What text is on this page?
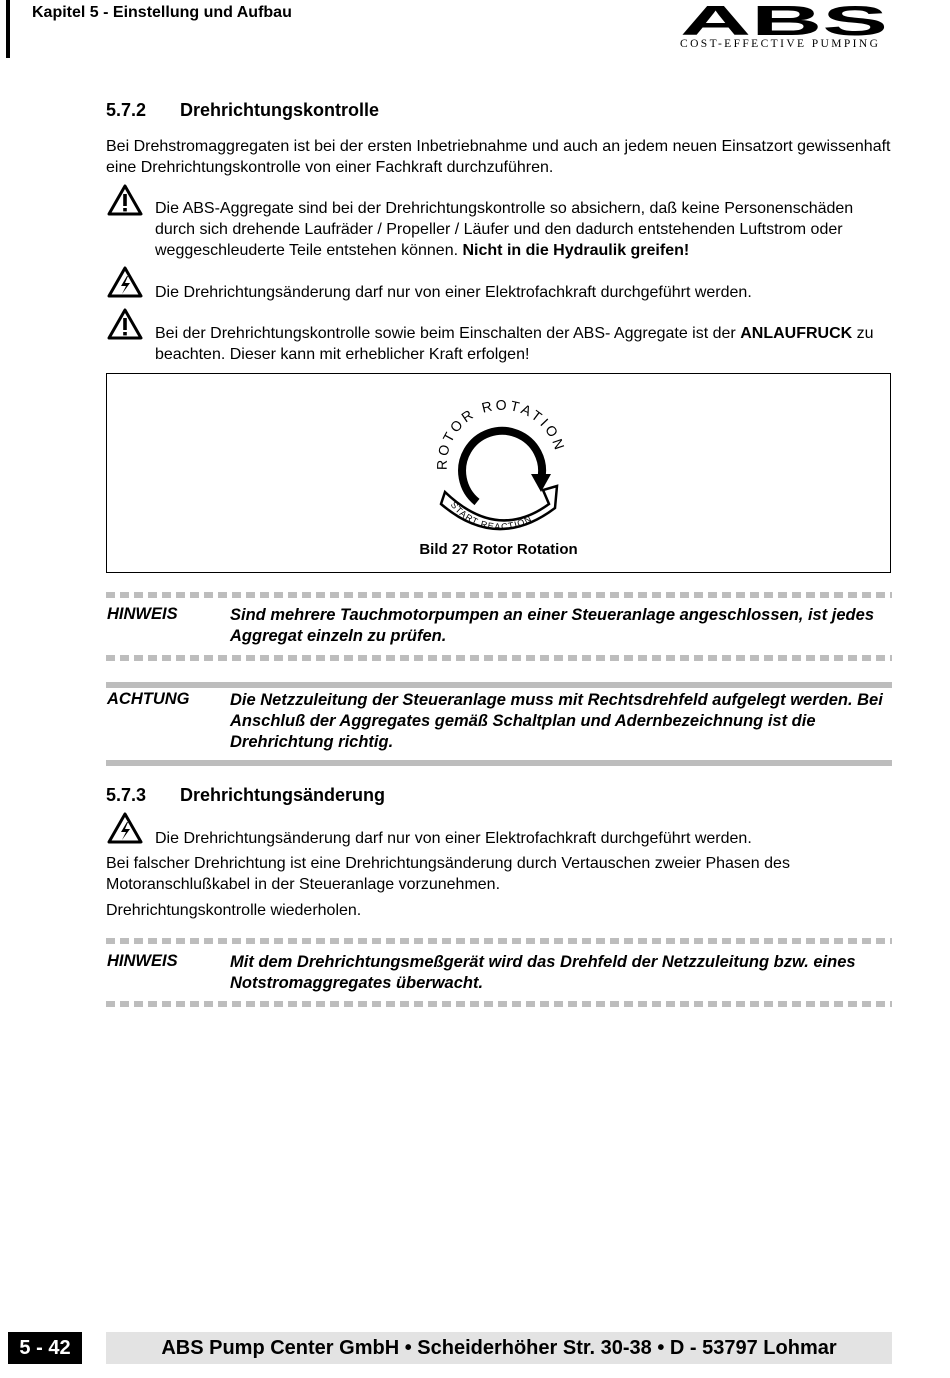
Kapitel 5 - Einstellung und Aufbau	ABS
COST-EFFECTIVE PUMPING
5.7.2 Drehrichtungskontrolle
Bei Drehstromaggregaten ist bei der ersten Inbetriebnahme und auch an jedem neuen Einsatzort gewissenhaft eine Drehrichtungskontrolle von einer Fachkraft durchzuführen.
Die ABS-Aggregate sind bei der Drehrichtungskontrolle so absichern, daß keine Personenschäden durch sich drehende Laufräder / Propeller / Läufer und den dadurch entstehenden Luftstrom oder weggeschleuderte Teile entstehen können. Nicht in die Hydraulik greifen!
Die Drehrichtungsänderung darf nur von einer Elektrofachkraft durchgeführt werden.
Bei der Drehrichtungskontrolle sowie beim Einschalten der ABS- Aggregate ist der ANLAUFRUCK zu beachten. Dieser kann mit erheblicher Kraft erfolgen!
ROTOR ROTATION
START REACTION
Bild 27 Rotor Rotation
HINWEIS	Sind mehrere Tauchmotorpumpen an einer Steueranlage angeschlossen, ist jedes Aggregat einzeln zu prüfen.
ACHTUNG Die Netzzuleitung der Steueranlage muss mit Rechtsdrehfeld aufgelegt werden. Bei Anschluß der Aggregates gemäß Schaltplan und Adernbezeichnung ist die Drehrichtung richtig.
5.7.3 Drehrichtungsänderung
Die Drehrichtungsänderung darf nur von einer Elektrofachkraft durchgeführt werden.
Bei falscher Drehrichtung ist eine Drehrichtungsänderung durch Vertauschen zweier Phasen des Motoranschlußkabel in der Steueranlage vorzunehmen.
Drehrichtungskontrolle wiederholen.
HINWEIS	Mit dem Drehrichtungsmeßgerät wird das Drehfeld der Netzzuleitung bzw. eines Notstromaggregates überwacht.
5 - 42	ABS Pump Center GmbH • Scheiderhöher Str. 30-38 • D - 53797 Lohmar
